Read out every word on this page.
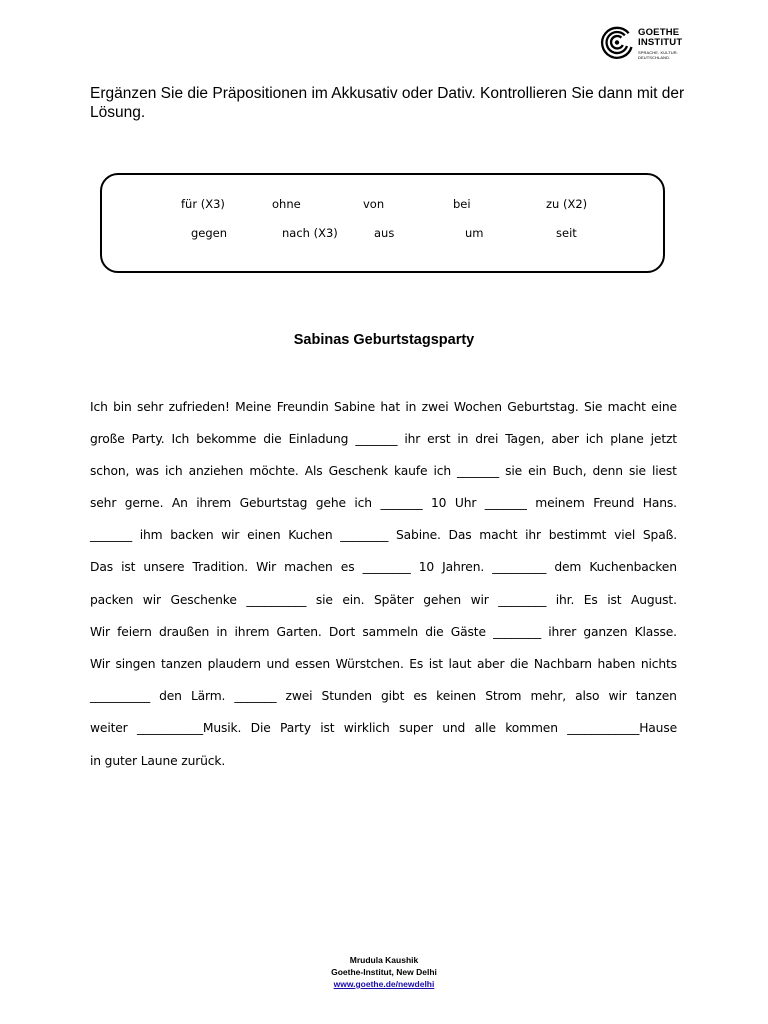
GOETHE
INSTITUT
SPRACHE. KULTUR. DEUTSCHLAND.
Ergänzen Sie die Präpositionen im Akkusativ oder Dativ. Kontrollieren Sie dann mit der Lösung.
für (X3)	ohne	von	bei	zu (X2)
gegen	nach (X3)	aus	um	seit
Sabinas Geburtstagsparty
Ich bin sehr zufrieden! Meine Freundin Sabine hat in zwei Wochen Geburtstag. Sie macht eine
große Party. Ich bekomme die Einladung _______ ihr erst in drei Tagen, aber ich plane jetzt
schon, was ich anziehen möchte. Als Geschenk kaufe ich _______ sie ein Buch, denn sie liest
sehr gerne. An ihrem Geburtstag gehe ich _______ 10 Uhr _______ meinem Freund Hans.
_______ ihm backen wir einen Kuchen ________ Sabine. Das macht ihr bestimmt viel Spaß.
Das ist unsere Tradition. Wir machen es ________ 10 Jahren. _________ dem Kuchenbacken
packen wir Geschenke __________ sie ein. Später gehen wir ________ ihr. Es ist August.
Wir feiern draußen in ihrem Garten. Dort sammeln die Gäste ________ ihrer ganzen Klasse.
Wir singen tanzen plaudern und essen Würstchen. Es ist laut aber die Nachbarn haben nichts
__________ den Lärm. _______ zwei Stunden gibt es keinen Strom mehr, also wir tanzen
weiter ___________Musik. Die Party ist wirklich super und alle kommen ____________Hause
in guter Laune zurück.
Mrudula Kaushik
Goethe-Institut, New Delhi
www.goethe.de/newdelhi
